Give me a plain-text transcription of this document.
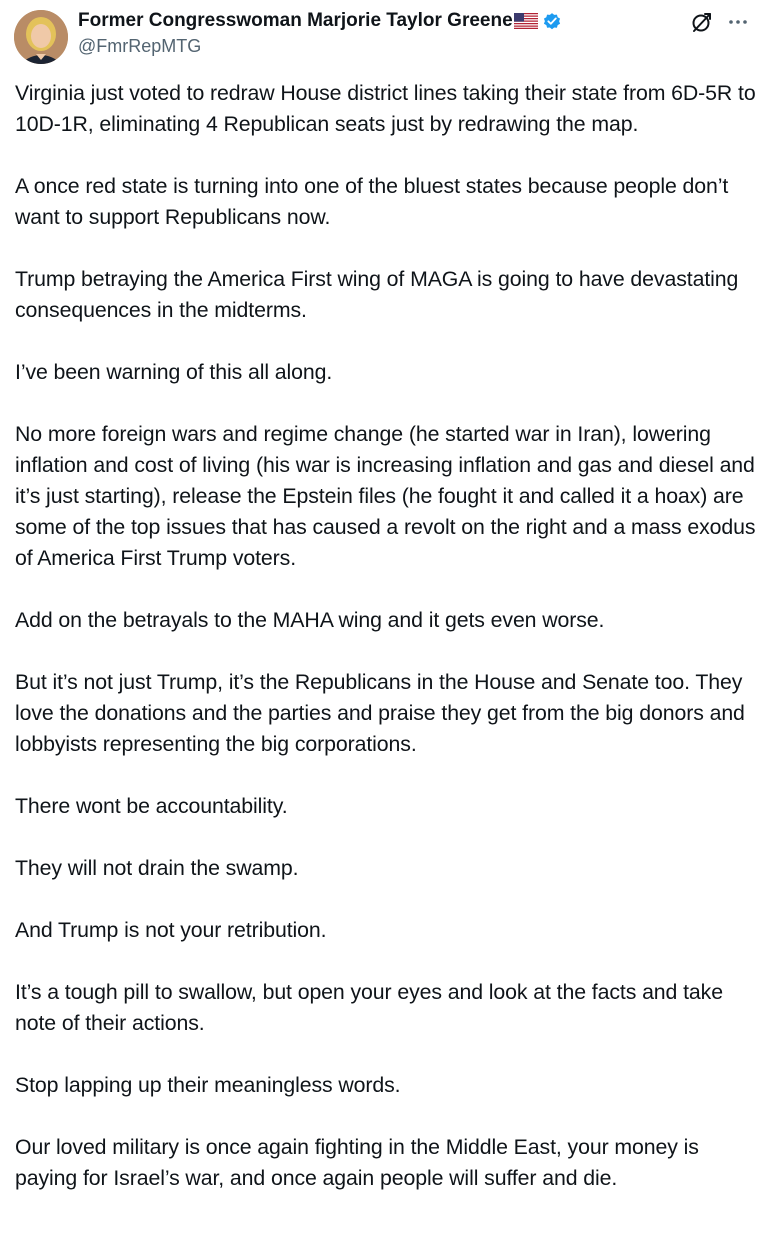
Former Congresswoman Marjorie Taylor Greene
@FmrRepMTG

Virginia just voted to redraw House district lines taking their state from 6D-5R to 10D-1R, eliminating 4 Republican seats just by redrawing the map.

A once red state is turning into one of the bluest states because people don’t want to support Republicans now.

Trump betraying the America First wing of MAGA is going to have devastating consequences in the midterms.

I’ve been warning of this all along.

No more foreign wars and regime change (he started war in Iran), lowering inflation and cost of living (his war is increasing inflation and gas and diesel and it’s just starting), release the Epstein files (he fought it and called it a hoax) are some of the top issues that has caused a revolt on the right and a mass exodus of America First Trump voters.

Add on the betrayals to the MAHA wing and it gets even worse.

But it’s not just Trump, it’s the Republicans in the House and Senate too. They love the donations and the parties and praise they get from the big donors and lobbyists representing the big corporations.

There wont be accountability.

They will not drain the swamp.

And Trump is not your retribution.

It’s a tough pill to swallow, but open your eyes and look at the facts and take note of their actions.

Stop lapping up their meaningless words.

Our loved military is once again fighting in the Middle East, your money is paying for Israel’s war, and once again people will suffer and die.
